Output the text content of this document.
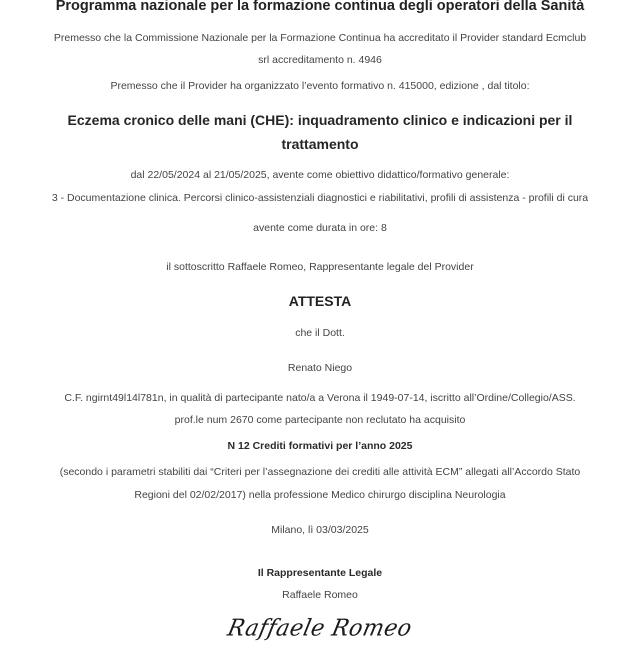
Programma nazionale per la formazione continua degli operatori della Sanità
Premesso che la Commissione Nazionale per la Formazione Continua ha accreditato il Provider standard Ecmclub
srl accreditamento n. 4946
Premesso che il Provider ha organizzato l’evento formativo n. 415000, edizione , dal titolo:
Eczema cronico delle mani (CHE): inquadramento clinico e indicazioni per il
trattamento
dal 22/05/2024 al 21/05/2025, avente come obiettivo didattico/formativo generale:
3 - Documentazione clinica. Percorsi clinico-assistenziali diagnostici e riabilitativi, profili di assistenza - profili di cura
avente come durata in ore: 8
il sottoscritto Raffaele Romeo, Rappresentante legale del Provider
ATTESTA
che il Dott.
Renato Niego
C.F. ngirnt49l14l781n, in qualità di partecipante nato/a a Verona il 1949-07-14, iscritto all’Ordine/Collegio/ASS.
prof.le num 2670 come partecipante non reclutato ha acquisito
N 12 Crediti formativi per l’anno 2025
(secondo i parametri stabiliti dai “Criteri per l’assegnazione dei crediti alle attività ECM” allegati all’Accordo Stato
Regioni del 02/02/2017) nella professione Medico chirurgo disciplina Neurologia
Milano, lì 03/03/2025
Il Rappresentante Legale
Raffaele Romeo
Raffaele Romeo
